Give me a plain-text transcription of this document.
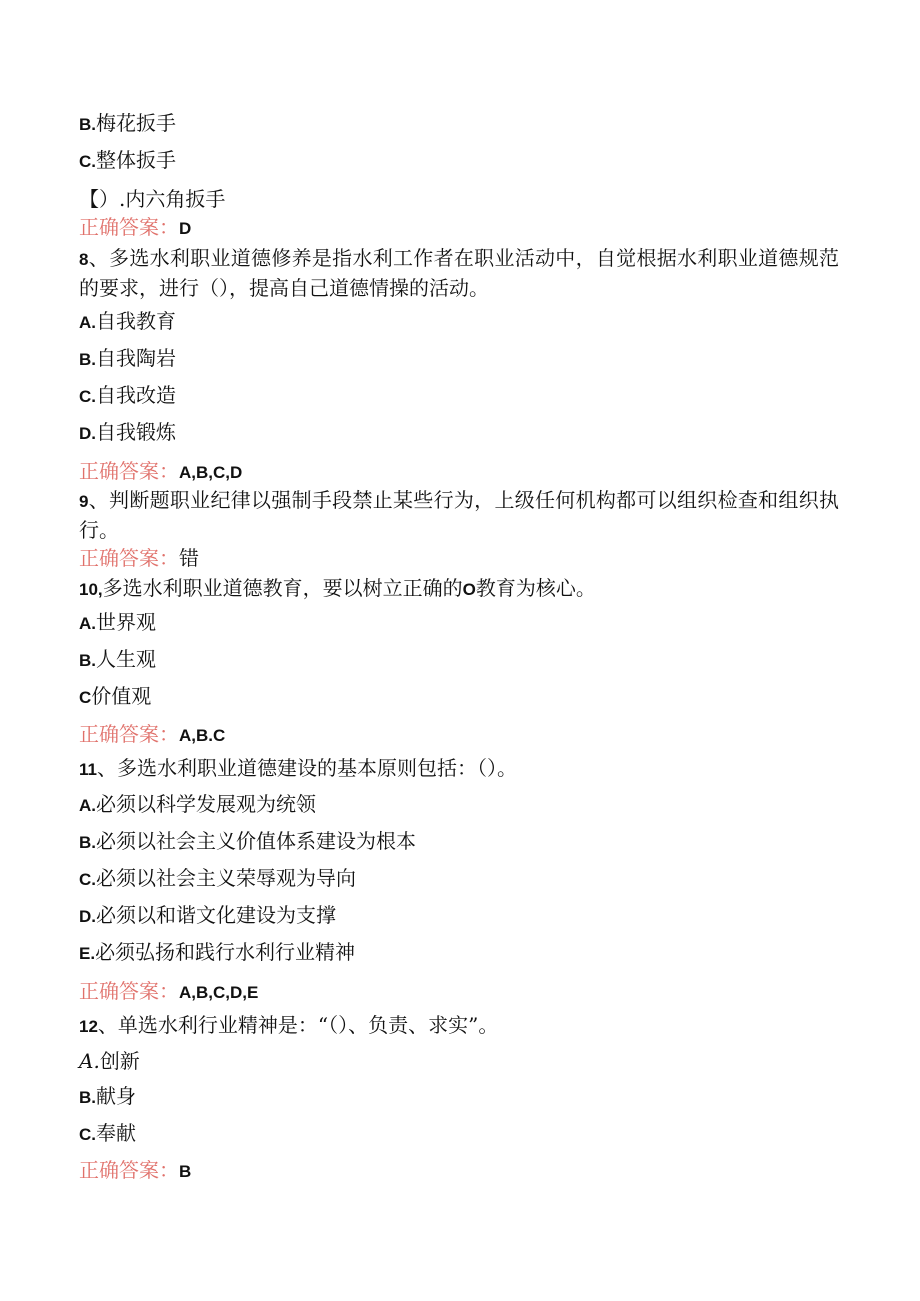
B.梅花扳手
C.整体扳手
【）.内六角扳手
正确答案：D
8、多选水利职业道德修养是指水利工作者在职业活动中，自觉根据水利职业道德规范的要求，进行（），提高自己道德情操的活动。
A.自我教育
B.自我陶岩
C.自我改造
D.自我锻炼
正确答案：A,B,C,D
9、判断题职业纪律以强制手段禁止某些行为，上级任何机构都可以组织检查和组织执行。
正确答案：错
10,多选水利职业道德教育，要以树立正确的O教育为核心。
A.世界观
B.人生观
C价值观
正确答案：A,B.C
11、多选水利职业道德建设的基本原则包括：（）。
A.必须以科学发展观为统领
B.必须以社会主义价值体系建设为根本
C.必须以社会主义荣辱观为导向
D.必须以和谐文化建设为支撑
E.必须弘扬和践行水利行业精神
正确答案：A,B,C,D,E
12、单选水利行业精神是：“（）、负责、求实”。
A.创新
B.献身
C.奉献
正确答案：B
